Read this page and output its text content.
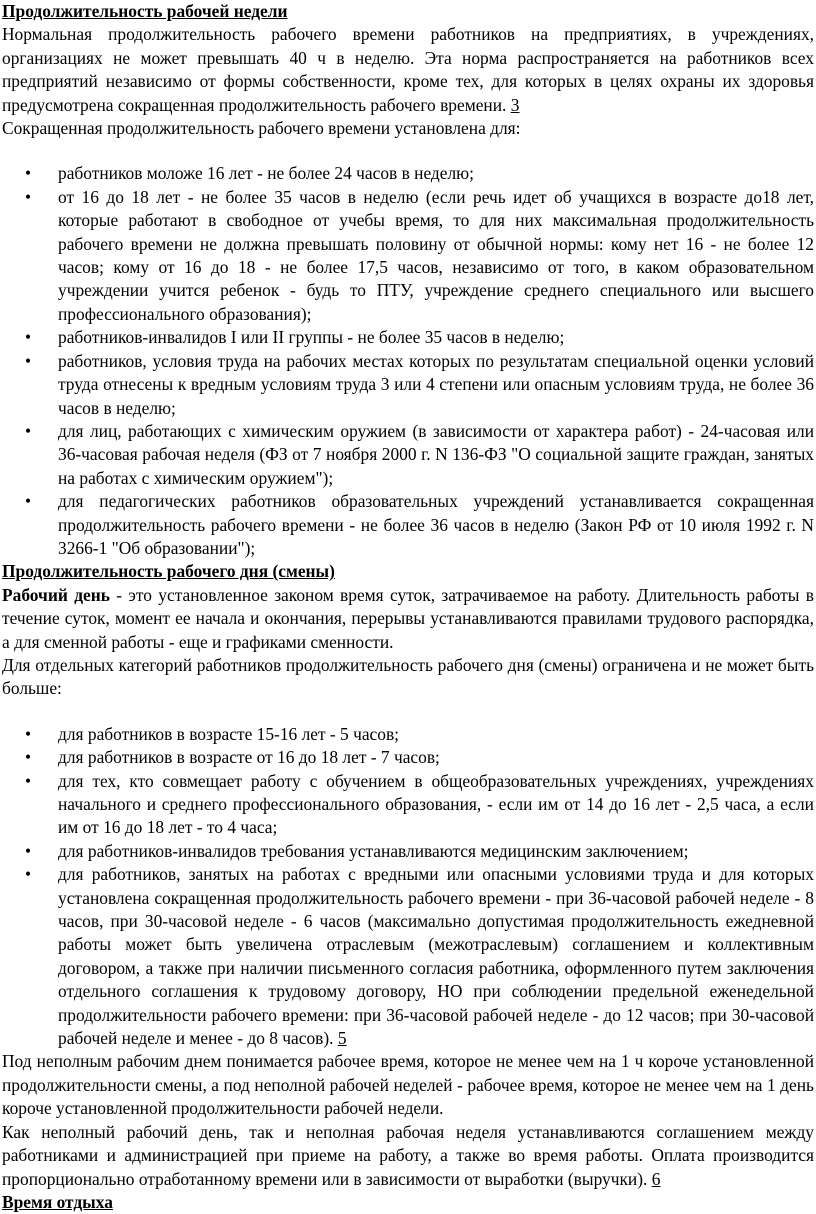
Продолжительность рабочей недели

Нормальная продолжительность рабочего времени работников на предприятиях, в учреждениях, организациях не может превышать 40 ч в неделю. Эта норма распространяется на работников всех предприятий независимо от формы собственности, кроме тех, для которых в целях охраны их здоровья предусмотрена сокращенная продолжительность рабочего времени. 3

Сокращенная продолжительность рабочего времени установлена для:

• работников моложе 16 лет - не более 24 часов в неделю;
• от 16 до 18 лет - не более 35 часов в неделю (если речь идет об учащихся в возрасте до18 лет, которые работают в свободное от учебы время, то для них максимальная продолжительность рабочего времени не должна превышать половину от обычной нормы: кому нет 16 - не более 12 часов; кому от 16 до 18 - не более 17,5 часов, независимо от того, в каком образовательном учреждении учится ребенок - будь то ПТУ, учреждение среднего специального или высшего профессионального образования);
• работников-инвалидов I или II группы - не более 35 часов в неделю;
• работников, условия труда на рабочих местах которых по результатам специальной оценки условий труда отнесены к вредным условиям труда 3 или 4 степени или опасным условиям труда, не более 36 часов в неделю;
• для лиц, работающих с химическим оружием (в зависимости от характера работ) - 24-часовая или 36-часовая рабочая неделя (ФЗ от 7 ноября 2000 г. N 136-ФЗ "О социальной защите граждан, занятых на работах с химическим оружием");
• для педагогических работников образовательных учреждений устанавливается сокращенная продолжительность рабочего времени - не более 36 часов в неделю (Закон РФ от 10 июля 1992 г. N 3266-1 "Об образовании");

Продолжительность рабочего дня (смены)

Рабочий день - это установленное законом время суток, затрачиваемое на работу. Длительность работы в течение суток, момент ее начала и окончания, перерывы устанавливаются правилами трудового распорядка, а для сменной работы - еще и графиками сменности.

Для отдельных категорий работников продолжительность рабочего дня (смены) ограничена и не может быть больше:

• для работников в возрасте 15-16 лет - 5 часов;
• для работников в возрасте от 16 до 18 лет - 7 часов;
• для тех, кто совмещает работу с обучением в общеобразовательных учреждениях, учреждениях начального и среднего профессионального образования, - если им от 14 до 16 лет - 2,5 часа, а если им от 16 до 18 лет - то 4 часа;
• для работников-инвалидов требования устанавливаются медицинским заключением;
• для работников, занятых на работах с вредными или опасными условиями труда и для которых установлена сокращенная продолжительность рабочего времени - при 36-часовой рабочей неделе - 8 часов, при 30-часовой неделе - 6 часов (максимально допустимая продолжительность ежедневной работы может быть увеличена отраслевым (межотраслевым) соглашением и коллективным договором, а также при наличии письменного согласия работника, оформленного путем заключения отдельного соглашения к трудовому договору, НО при соблюдении предельной еженедельной продолжительности рабочего времени: при 36-часовой рабочей неделе - до 12 часов; при 30-часовой рабочей неделе и менее - до 8 часов). 5

Под неполным рабочим днем понимается рабочее время, которое не менее чем на 1 ч короче установленной продолжительности смены, а под неполной рабочей неделей - рабочее время, которое не менее чем на 1 день короче установленной продолжительности рабочей недели.

Как неполный рабочий день, так и неполная рабочая неделя устанавливаются соглашением между работниками и администрацией при приеме на работу, а также во время работы. Оплата производится пропорционально отработанному времени или в зависимости от выработки (выручки). 6

Время отдыха
